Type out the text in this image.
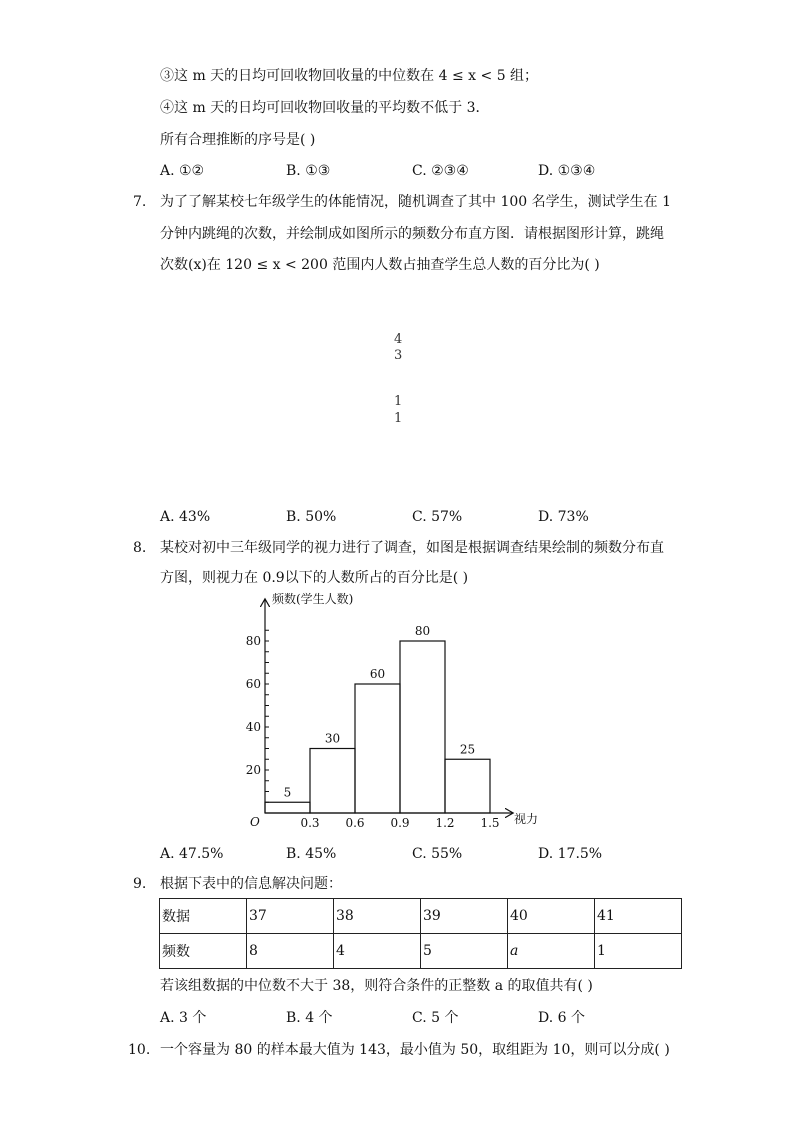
③这 m 天的日均可回收物回收量的中位数在 4 ≤ x < 5 组；
④这 m 天的日均可回收物回收量的平均数不低于 3．
所有合理推断的序号是( )
A. ①②	B. ①③	C. ②③④	D. ①③④
7. 为了了解某校七年级学生的体能情况，随机调查了其中 100 名学生，测试学生在 1
分钟内跳绳的次数，并绘制成如图所示的频数分布直方图．请根据图形计算，跳绳
次数(x)在 120 ≤ x < 200 范围内人数占抽查学生总人数的百分比为( )
4
3
1
1
A. 43%	B. 50%	C. 57%	D. 73%
8. 某校对初中三年级同学的视力进行了调查，如图是根据调查结果绘制的频数分布直
方图，则视力在 0.9以下的人数所占的百分比是( )
5
30
60
80
25
20
40
60
80
0.3 0.6 0.9 1.2 1.5
频数(学生人数)
视力
O
A. 47.5%	B. 45%	C. 55%	D. 17.5%
9. 根据下表中的信息解决问题：
数据	37	38	39	40	41
频数	8	4	5	a	1
若该组数据的中位数不大于 38，则符合条件的正整数 a 的取值共有( )
A. 3 个	B. 4 个	C. 5 个	D. 6 个
10. 一个容量为 80 的样本最大值为 143，最小值为 50，取组距为 10，则可以分成( )
